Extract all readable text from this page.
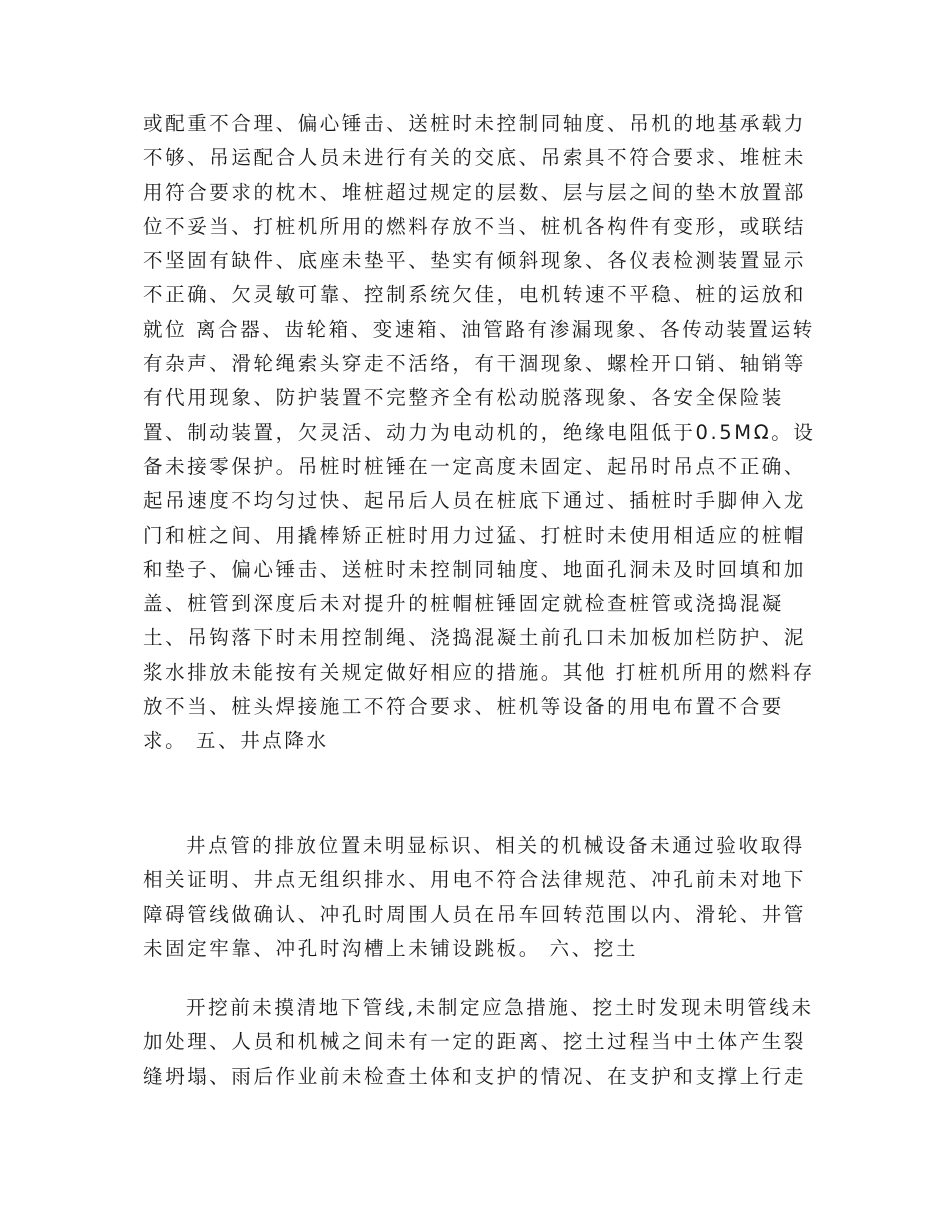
或配重不合理、偏心锤击、送桩时未控制同轴度、吊机的地基承载力
不够、吊运配合人员未进行有关的交底、吊索具不符合要求、堆桩未
用符合要求的枕木、堆桩超过规定的层数、层与层之间的垫木放置部
位不妥当、打桩机所用的燃料存放不当、桩机各构件有变形，或联结
不坚固有缺件、底座未垫平、垫实有倾斜现象、各仪表检测装置显示
不正确、欠灵敏可靠、控制系统欠佳，电机转速不平稳、桩的运放和
就位 离合器、齿轮箱、变速箱、油管路有渗漏现象、各传动装置运转
有杂声、滑轮绳索头穿走不活络，有干涸现象、螺栓开口销、轴销等
有代用现象、防护装置不完整齐全有松动脱落现象、各安全保险装
置、制动装置，欠灵活、动力为电动机的，绝缘电阻低于0.5MΩ。设
备未接零保护。吊桩时桩锤在一定高度未固定、起吊时吊点不正确、
起吊速度不均匀过快、起吊后人员在桩底下通过、插桩时手脚伸入龙
门和桩之间、用撬棒矫正桩时用力过猛、打桩时未使用相适应的桩帽
和垫子、偏心锤击、送桩时未控制同轴度、地面孔洞未及时回填和加
盖、桩管到深度后未对提升的桩帽桩锤固定就检查桩管或浇捣混凝
土、吊钩落下时未用控制绳、浇捣混凝土前孔口未加板加栏防护、泥
浆水排放未能按有关规定做好相应的措施。其他 打桩机所用的燃料存
放不当、桩头焊接施工不符合要求、桩机等设备的用电布置不合要
求。 五、井点降水
井点管的排放位置未明显标识、相关的机械设备未通过验收取得
相关证明、井点无组织排水、用电不符合法律规范、冲孔前未对地下
障碍管线做确认、冲孔时周围人员在吊车回转范围以内、滑轮、井管
未固定牢靠、冲孔时沟槽上未铺设跳板。 六、挖土
开挖前未摸清地下管线,未制定应急措施、挖土时发现未明管线未
加处理、人员和机械之间未有一定的距离、挖土过程当中土体产生裂
缝坍塌、雨后作业前未检查土体和支护的情况、在支护和支撑上行走
